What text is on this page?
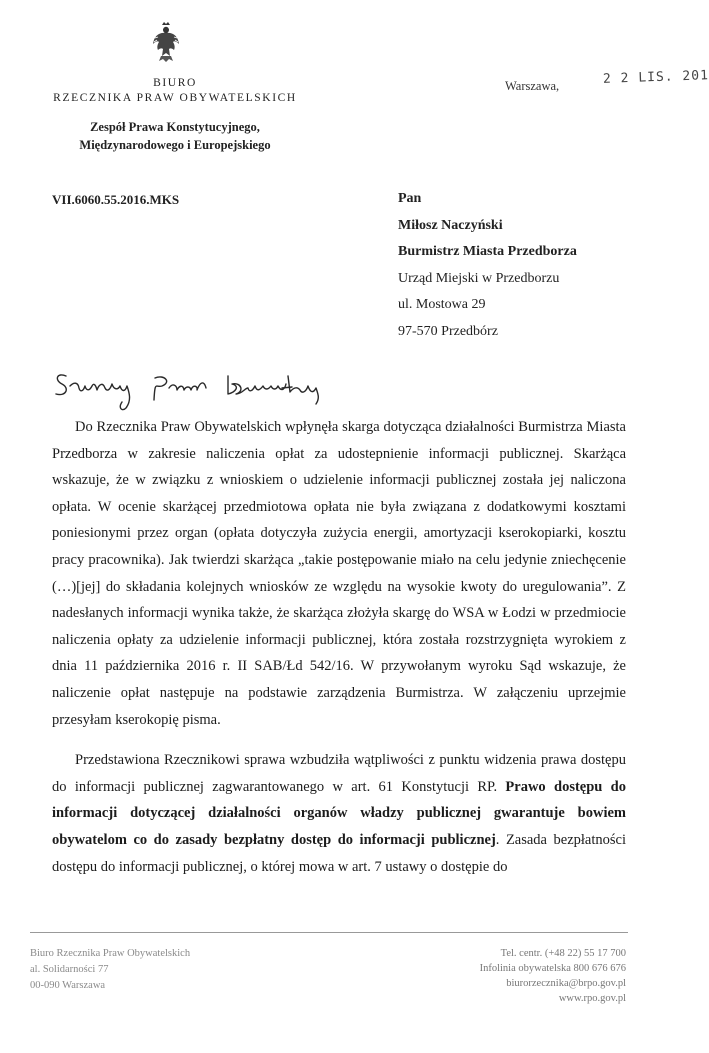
BIURO
RZECZNIKA PRAW OBYWATELSKICH
Zespół Prawa Konstytucyjnego,
Międzynarodowego i Europejskiego
Warszawa,	2 2 LIS. 201
VII.6060.55.2016.MKS	Pan
Miłosz Naczyński
Burmistrz Miasta Przedborza
Urząd Miejski w Przedborzu
ul. Mostowa 29
97-570 Przedbórz

Do Rzecznika Praw Obywatelskich wpłynęła skarga dotycząca działalności Burmistrza Miasta Przedborza w zakresie naliczenia opłat za udostepnienie informacji publicznej. Skarżąca wskazuje, że w związku z wnioskiem o udzielenie informacji publicznej została jej naliczona opłata. W ocenie skarżącej przedmiotowa opłata nie była związana z dodatkowymi kosztami poniesionymi przez organ (opłata dotyczyła zużycia energii, amortyzacji kserokopiarki, kosztu pracy pracownika). Jak twierdzi skarżąca „takie postępowanie miało na celu jedynie zniechęcenie (…)[jej] do składania kolejnych wniosków ze względu na wysokie kwoty do uregulowania”. Z nadesłanych informacji wynika także, że skarżąca złożyła skargę do WSA w Łodzi w przedmiocie naliczenia opłaty za udzielenie informacji publicznej, która została rozstrzygnięta wyrokiem z dnia 11 października 2016 r. II SAB/Łd 542/16. W przywołanym wyroku Sąd wskazuje, że naliczenie opłat następuje na podstawie zarządzenia Burmistrza. W załączeniu uprzejmie przesyłam kserokopię pisma.

Przedstawiona Rzecznikowi sprawa wzbudziła wątpliwości z punktu widzenia prawa dostępu do informacji publicznej zagwarantowanego w art. 61 Konstytucji RP. Prawo dostępu do informacji dotyczącej działalności organów władzy publicznej gwarantuje bowiem obywatelom co do zasady bezpłatny dostęp do informacji publicznej. Zasada bezpłatności dostępu do informacji publicznej, o której mowa w art. 7 ustawy o dostępie do

Biuro Rzecznika Praw Obywatelskich
al. Solidarności 77
00-090 Warszawa
Tel. centr. (+48 22) 55 17 700
Infolinia obywatelska 800 676 676
biurorzecznika@brpo.gov.pl
www.rpo.gov.pl
